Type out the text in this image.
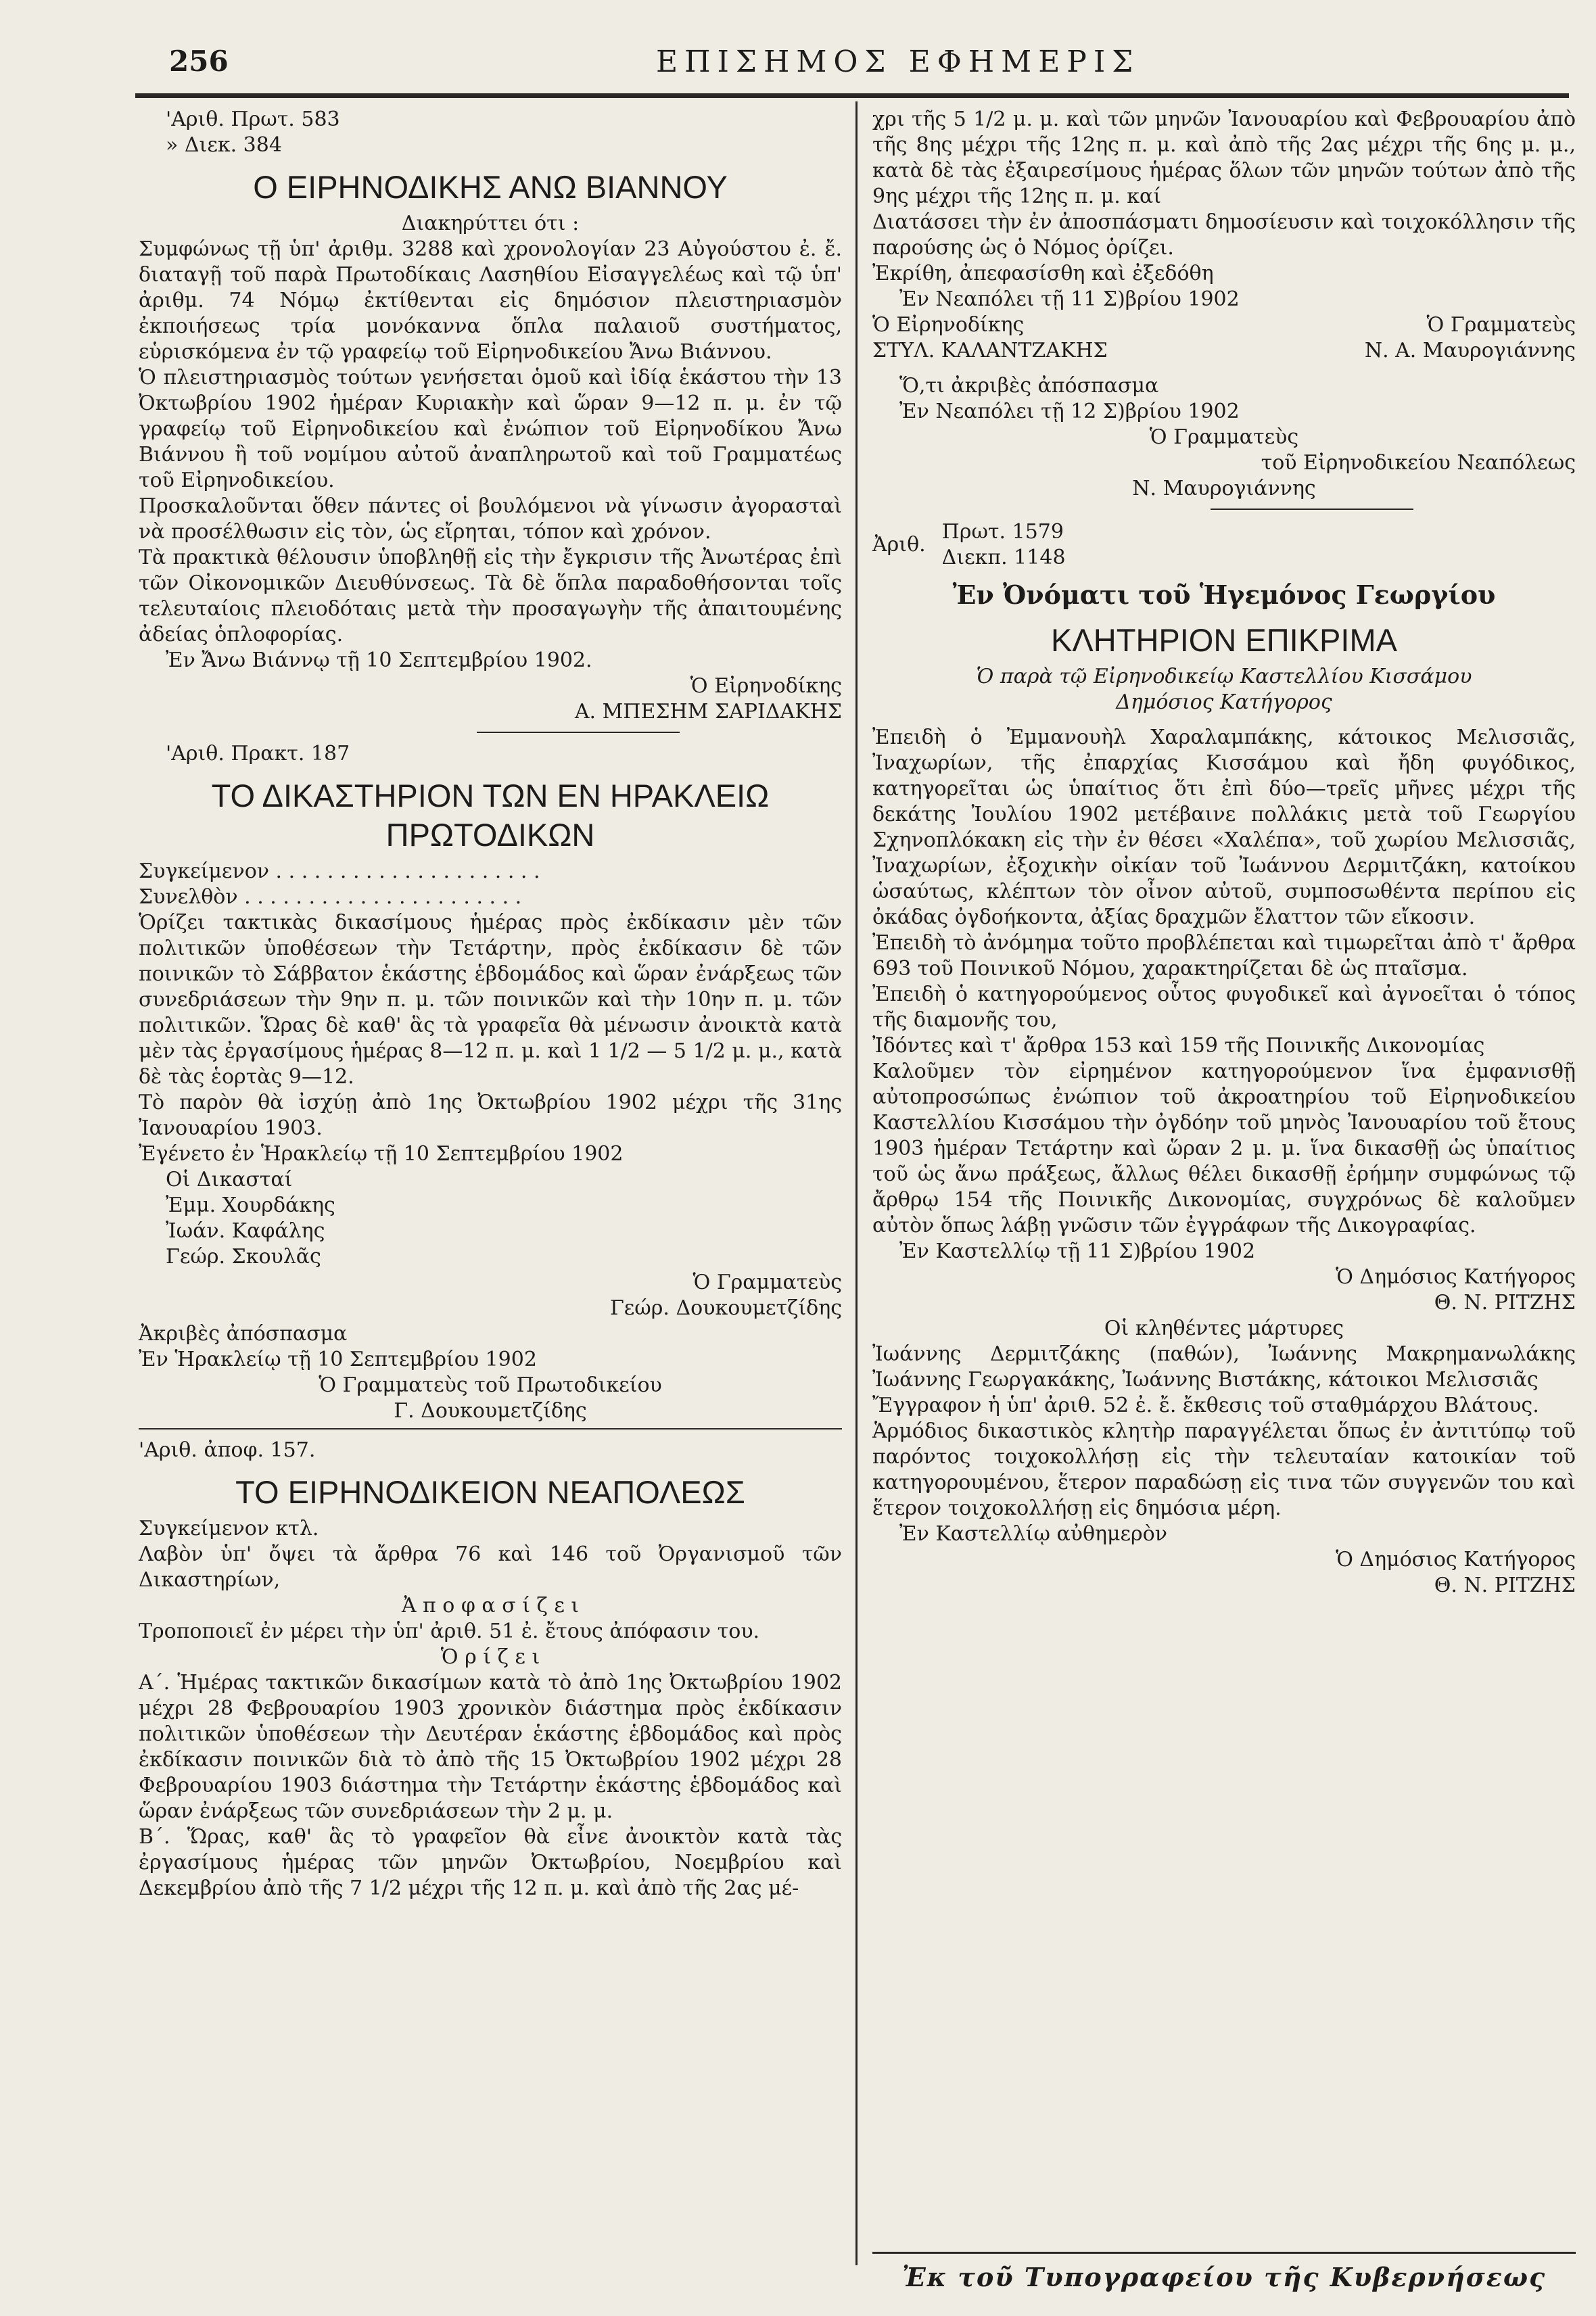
256	ΕΠΙΣΗΜΟΣ ΕΦΗΜΕΡΙΣ

'Αριθ. Πρωτ. 583

» Διεκ. 384

Ο ΕΙΡΗΝΟΔΙΚΗΣ ΑΝΩ ΒΙΑΝΝΟΥ

Διακηρύττει ότι :

Συμφώνως τῇ ὑπ' ἀριθμ. 3288 καὶ χρονολογίαν 23 Αὐγούστου ἐ. ἔ. διαταγῇ τοῦ παρὰ Πρωτοδίκαις Λασηθίου Εἰσαγγελέως καὶ τῷ ὑπ' ἀριθμ. 74 Νόμῳ ἐκτίθενται εἰς δημόσιον πλειστηριασμὸν ἐκποιήσεως τρία μονόκαννα ὅπλα παλαιοῦ συστήματος, εὑρισκόμενα ἐν τῷ γραφείῳ τοῦ Εἰρηνοδικείου Ἄνω Βιάννου.

Ὁ πλειστηριασμὸς τούτων γενήσεται ὁμοῦ καὶ ἰδίᾳ ἑκάστου τὴν 13 Ὀκτωβρίου 1902 ἡμέραν Κυριακὴν καὶ ὥραν 9—12 π. μ. ἐν τῷ γραφείῳ τοῦ Εἰρηνοδικείου καὶ ἐνώπιον τοῦ Εἰρηνοδίκου Ἄνω Βιάννου ἢ τοῦ νομίμου αὐτοῦ ἀναπληρωτοῦ καὶ τοῦ Γραμματέως τοῦ Εἰρηνοδικείου.

Προσκαλοῦνται ὅθεν πάντες οἱ βουλόμενοι νὰ γίνωσιν ἀγορασταὶ νὰ προσέλθωσιν εἰς τὸν, ὡς εἴρηται, τόπον καὶ χρόνον.

Τὰ πρακτικὰ θέλουσιν ὑποβληθῇ εἰς τὴν ἔγκρισιν τῆς Ἀνωτέρας ἐπὶ τῶν Οἰκονομικῶν Διευθύνσεως. Τὰ δὲ ὅπλα παραδοθήσονται τοῖς τελευταίοις πλειοδόταις μετὰ τὴν προσαγωγὴν τῆς ἀπαιτουμένης ἀδείας ὁπλοφορίας.

Ἐν Ἄνω Βιάννῳ τῇ 10 Σεπτεμβρίου 1902.

Ὁ Εἰρηνοδίκης

Α. ΜΠΕΣΗΜ ΣΑΡΙΔΑΚΗΣ

'Αριθ. Πρακτ. 187

ΤΟ ΔΙΚΑΣΤΗΡΙΟΝ ΤΩΝ ΕΝ ΗΡΑΚΛΕΙΩ ΠΡΩΤΟΔΙΚΩΝ

Συγκείμενον . . . . . . . . . . . . . . . . . . . . .

Συνελθὸν . . . . . . . . . . . . . . . . . . . . . .

Ὁρίζει τακτικὰς δικασίμους ἡμέρας πρὸς ἐκδίκασιν μὲν τῶν πολιτικῶν ὑποθέσεων τὴν Τετάρτην, πρὸς ἐκδίκασιν δὲ τῶν ποινικῶν τὸ Σάββατον ἑκάστης ἑβδομάδος καὶ ὥραν ἐνάρξεως τῶν συνεδριάσεων τὴν 9ην π. μ. τῶν ποινικῶν καὶ τὴν 10ην π. μ. τῶν πολιτικῶν. Ὥρας δὲ καθ' ἃς τὰ γραφεῖα θὰ μένωσιν ἀνοικτὰ κατὰ μὲν τὰς ἐργασίμους ἡμέρας 8—12 π. μ. καὶ 1 1/2 — 5 1/2 μ. μ., κατὰ δὲ τὰς ἑορτὰς 9—12.

Τὸ παρὸν θὰ ἰσχύῃ ἀπὸ 1ης Ὀκτωβρίου 1902 μέχρι τῆς 31ης Ἰανουαρίου 1903.

Ἐγένετο ἐν Ἡρακλείῳ τῇ 10 Σεπτεμβρίου 1902

Οἱ Δικασταί

Ἐμμ. Χουρδάκης

Ἰωάν. Καφάλης

Γεώρ. Σκουλᾶς

Ὁ Γραμματεὺς

Γεώρ. Δουκουμετζίδης

Ἀκριβὲς ἀπόσπασμα

Ἐν Ἡρακλείῳ τῇ 10 Σεπτεμβρίου 1902

Ὁ Γραμματεὺς τοῦ Πρωτοδικείου

Γ. Δουκουμετζίδης

'Αριθ. ἀποφ. 157.

ΤΟ ΕΙΡΗΝΟΔΙΚΕΙΟΝ ΝΕΑΠΟΛΕΩΣ

Συγκείμενον κτλ.

Λαβὸν ὑπ' ὄψει τὰ ἄρθρα 76 καὶ 146 τοῦ Ὀργανισμοῦ τῶν Δικαστηρίων,

Ἀ π ο φ α σ ί ζ ε ι

Τροποποιεῖ ἐν μέρει τὴν ὑπ' ἀριθ. 51 ἐ. ἔτους ἀπόφασιν του.

Ὁ ρ ί ζ ε ι

Α΄. Ἡμέρας τακτικῶν δικασίμων κατὰ τὸ ἀπὸ 1ης Ὀκτωβρίου 1902 μέχρι 28 Φεβρουαρίου 1903 χρονικὸν διάστημα πρὸς ἐκδίκασιν πολιτικῶν ὑποθέσεων τὴν Δευτέραν ἑκάστης ἑβδομάδος καὶ πρὸς ἐκδίκασιν ποινικῶν διὰ τὸ ἀπὸ τῆς 15 Ὀκτωβρίου 1902 μέχρι 28 Φεβρουαρίου 1903 διάστημα τὴν Τετάρτην ἑκάστης ἑβδομάδος καὶ ὥραν ἐνάρξεως τῶν συνεδριάσεων τὴν 2 μ. μ.

Β΄. Ὥρας, καθ' ἃς τὸ γραφεῖον θὰ εἶνε ἀνοικτὸν κατὰ τὰς ἐργασίμους ἡμέρας τῶν μηνῶν Ὀκτωβρίου, Νοεμβρίου καὶ Δεκεμβρίου ἀπὸ τῆς 7 1/2 μέχρι τῆς 12 π. μ. καὶ ἀπὸ τῆς 2ας μέ-

χρι τῆς 5 1/2 μ. μ. καὶ τῶν μηνῶν Ἰανουαρίου καὶ Φεβρουαρίου ἀπὸ τῆς 8ης μέχρι τῆς 12ης π. μ. καὶ ἀπὸ τῆς 2ας μέχρι τῆς 6ης μ. μ., κατὰ δὲ τὰς ἐξαιρεσίμους ἡμέρας ὅλων τῶν μηνῶν τούτων ἀπὸ τῆς 9ης μέχρι τῆς 12ης π. μ. καί

Διατάσσει τὴν ἐν ἀποσπάσματι δημοσίευσιν καὶ τοιχοκόλλησιν τῆς παρούσης ὡς ὁ Νόμος ὁρίζει.

Ἐκρίθη, ἀπεφασίσθη καὶ ἐξεδόθη

Ἐν Νεαπόλει τῇ 11 Σ)βρίου 1902

Ὁ Εἰρηνοδίκης	Ὁ Γραμματεὺς
ΣΤΥΛ. ΚΑΛΑΝΤΖΑΚΗΣ	Ν. Α. Μαυρογιάννης

Ὅ,τι ἀκριβὲς ἀπόσπασμα

Ἐν Νεαπόλει τῇ 12 Σ)βρίου 1902

Ὁ Γραμματεὺς

τοῦ Εἰρηνοδικείου Νεαπόλεως

Ν. Μαυρογιάννης

Ἀριθ.
Πρωτ. 1579
Διεκπ. 1148

Ἐν Ὀνόματι τοῦ Ἡγεμόνος Γεωργίου

ΚΛΗΤΗΡΙΟΝ ΕΠΙΚΡΙΜΑ

Ὁ παρὰ τῷ Εἰρηνοδικείῳ Καστελλίου Κισσάμου

Δημόσιος Κατήγορος

Ἐπειδὴ ὁ Ἐμμανουὴλ Χαραλαμπάκης, κάτοικος Μελισσιᾶς, Ἰναχωρίων, τῆς ἐπαρχίας Κισσάμου καὶ ἤδη φυγόδικος, κατηγορεῖται ὡς ὑπαίτιος ὅτι ἐπὶ δύο—τρεῖς μῆνες μέχρι τῆς δεκάτης Ἰουλίου 1902 μετέβαινε πολλάκις μετὰ τοῦ Γεωργίου Σχηνοπλόκακη εἰς τὴν ἐν θέσει «Χαλέπα», τοῦ χωρίου Μελισσιᾶς, Ἰναχωρίων, ἐξοχικὴν οἰκίαν τοῦ Ἰωάννου Δερμιτζάκη, κατοίκου ὡσαύτως, κλέπτων τὸν οἶνον αὐτοῦ, συμποσωθέντα περίπου εἰς ὀκάδας ὀγδοήκοντα, ἀξίας δραχμῶν ἔλαττον τῶν εἴκοσιν.

Ἐπειδὴ τὸ ἀνόμημα τοῦτο προβλέπεται καὶ τιμωρεῖται ἀπὸ τ' ἄρθρα 693 τοῦ Ποινικοῦ Νόμου, χαρακτηρίζεται δὲ ὡς πταῖσμα.

Ἐπειδὴ ὁ κατηγορούμενος οὗτος φυγοδικεῖ καὶ ἀγνοεῖται ὁ τόπος τῆς διαμονῆς του,

Ἰδόντες καὶ τ' ἄρθρα 153 καὶ 159 τῆς Ποινικῆς Δικονομίας

Καλοῦμεν τὸν εἰρημένον κατηγορούμενον ἵνα ἐμφανισθῇ αὐτοπροσώπως ἐνώπιον τοῦ ἀκροατηρίου τοῦ Εἰρηνοδικείου Καστελλίου Κισσάμου τὴν ὀγδόην τοῦ μηνὸς Ἰανουαρίου τοῦ ἔτους 1903 ἡμέραν Τετάρτην καὶ ὥραν 2 μ. μ. ἵνα δικασθῇ ὡς ὑπαίτιος τοῦ ὡς ἄνω πράξεως, ἄλλως θέλει δικασθῇ ἐρήμην συμφώνως τῷ ἄρθρῳ 154 τῆς Ποινικῆς Δικονομίας, συγχρόνως δὲ καλοῦμεν αὐτὸν ὅπως λάβῃ γνῶσιν τῶν ἐγγράφων τῆς Δικογραφίας.

Ἐν Καστελλίῳ τῇ 11 Σ)βρίου 1902

Ὁ Δημόσιος Κατήγορος

Θ. Ν. ΡΙΤΖΗΣ

Οἱ κληθέντες μάρτυρες

Ἰωάννης Δερμιτζάκης (παθών), Ἰωάννης Μακρημανωλάκης Ἰωάννης Γεωργακάκης, Ἰωάννης Βιστάκης, κάτοικοι Μελισσιᾶς

Ἔγγραφον ἡ ὑπ' ἀριθ. 52 ἐ. ἔ. ἔκθεσις τοῦ σταθμάρχου Βλάτους.

Ἁρμόδιος δικαστικὸς κλητὴρ παραγγέλεται ὅπως ἐν ἀντιτύπῳ τοῦ παρόντος τοιχοκολλήσῃ εἰς τὴν τελευταίαν κατοικίαν τοῦ κατηγορουμένου, ἕτερον παραδώσῃ εἰς τινα τῶν συγγενῶν του καὶ ἕτερον τοιχοκολλήσῃ εἰς δημόσια μέρη.

Ἐν Καστελλίῳ αὐθημερὸν

Ὁ Δημόσιος Κατήγορος

Θ. Ν. ΡΙΤΖΗΣ

Ἐκ τοῦ Τυπογραφείου τῆς Κυβερνήσεως
